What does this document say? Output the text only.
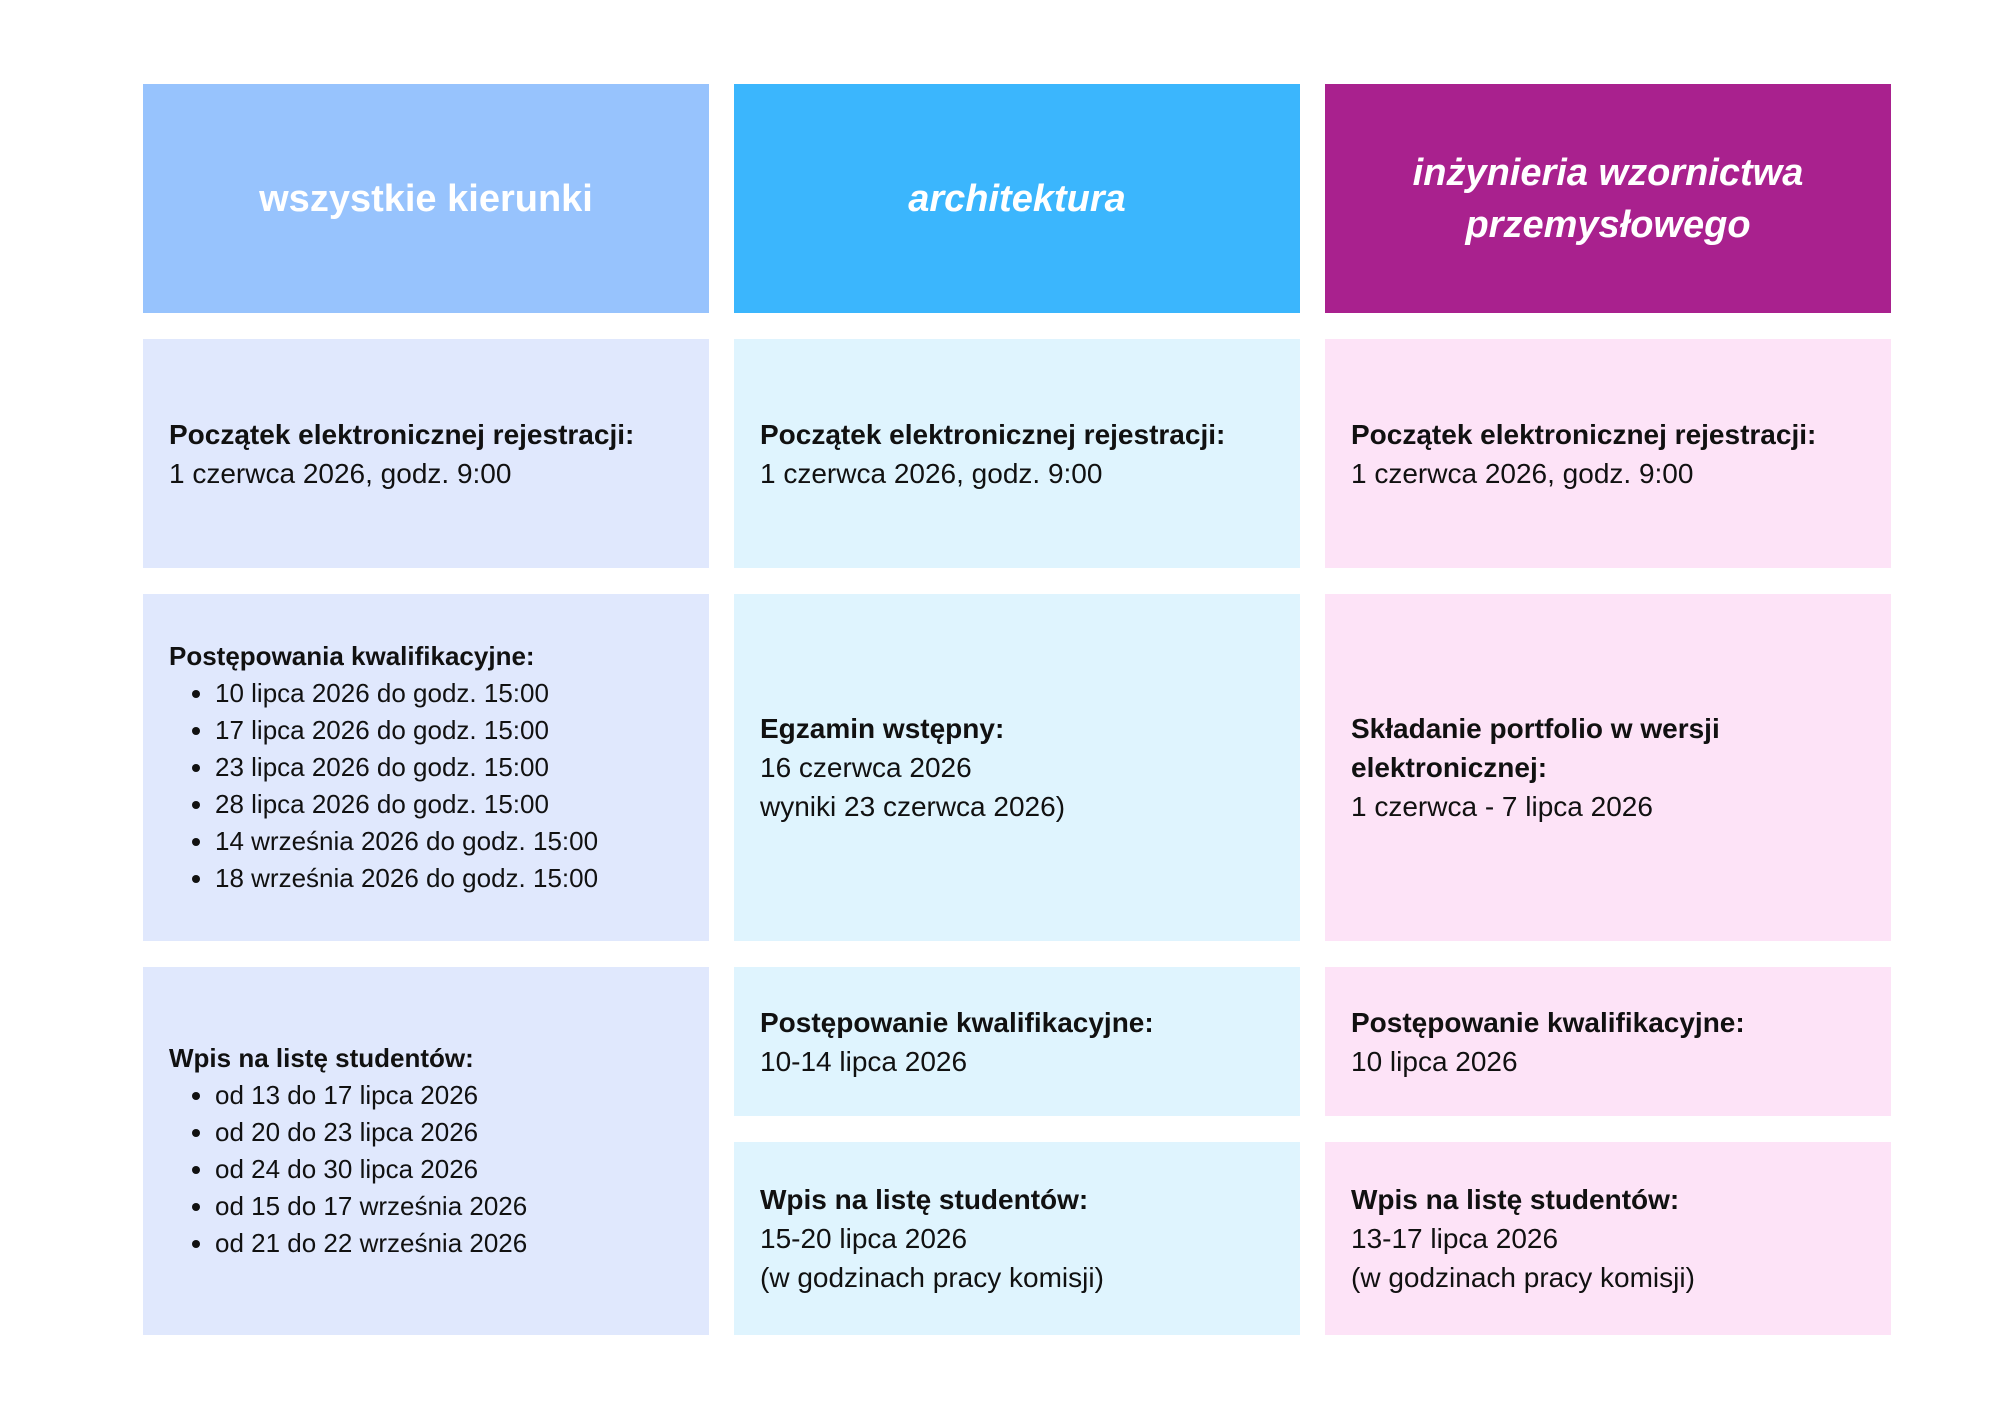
wszystkie kierunki
Początek elektronicznej rejestracji:
1 czerwca 2026, godz. 9:00
Postępowania kwalifikacyjne:
• 10 lipca 2026 do godz. 15:00
• 17 lipca 2026 do godz. 15:00
• 23 lipca 2026 do godz. 15:00
• 28 lipca 2026 do godz. 15:00
• 14 września 2026 do godz. 15:00
• 18 września 2026 do godz. 15:00
Wpis na listę studentów:
• od 13 do 17 lipca 2026
• od 20 do 23 lipca 2026
• od 24 do 30 lipca 2026
• od 15 do 17 września 2026
• od 21 do 22 września 2026
architektura
Początek elektronicznej rejestracji:
1 czerwca 2026, godz. 9:00
Egzamin wstępny:
16 czerwca 2026
wyniki 23 czerwca 2026)
Postępowanie kwalifikacyjne:
10-14 lipca 2026
Wpis na listę studentów:
15-20 lipca 2026
(w godzinach pracy komisji)
inżynieria wzornictwa
przemysłowego
Początek elektronicznej rejestracji:
1 czerwca 2026, godz. 9:00
Składanie portfolio w wersji
elektronicznej:
1 czerwca - 7 lipca 2026
Postępowanie kwalifikacyjne:
10 lipca 2026
Wpis na listę studentów:
13-17 lipca 2026
(w godzinach pracy komisji)
